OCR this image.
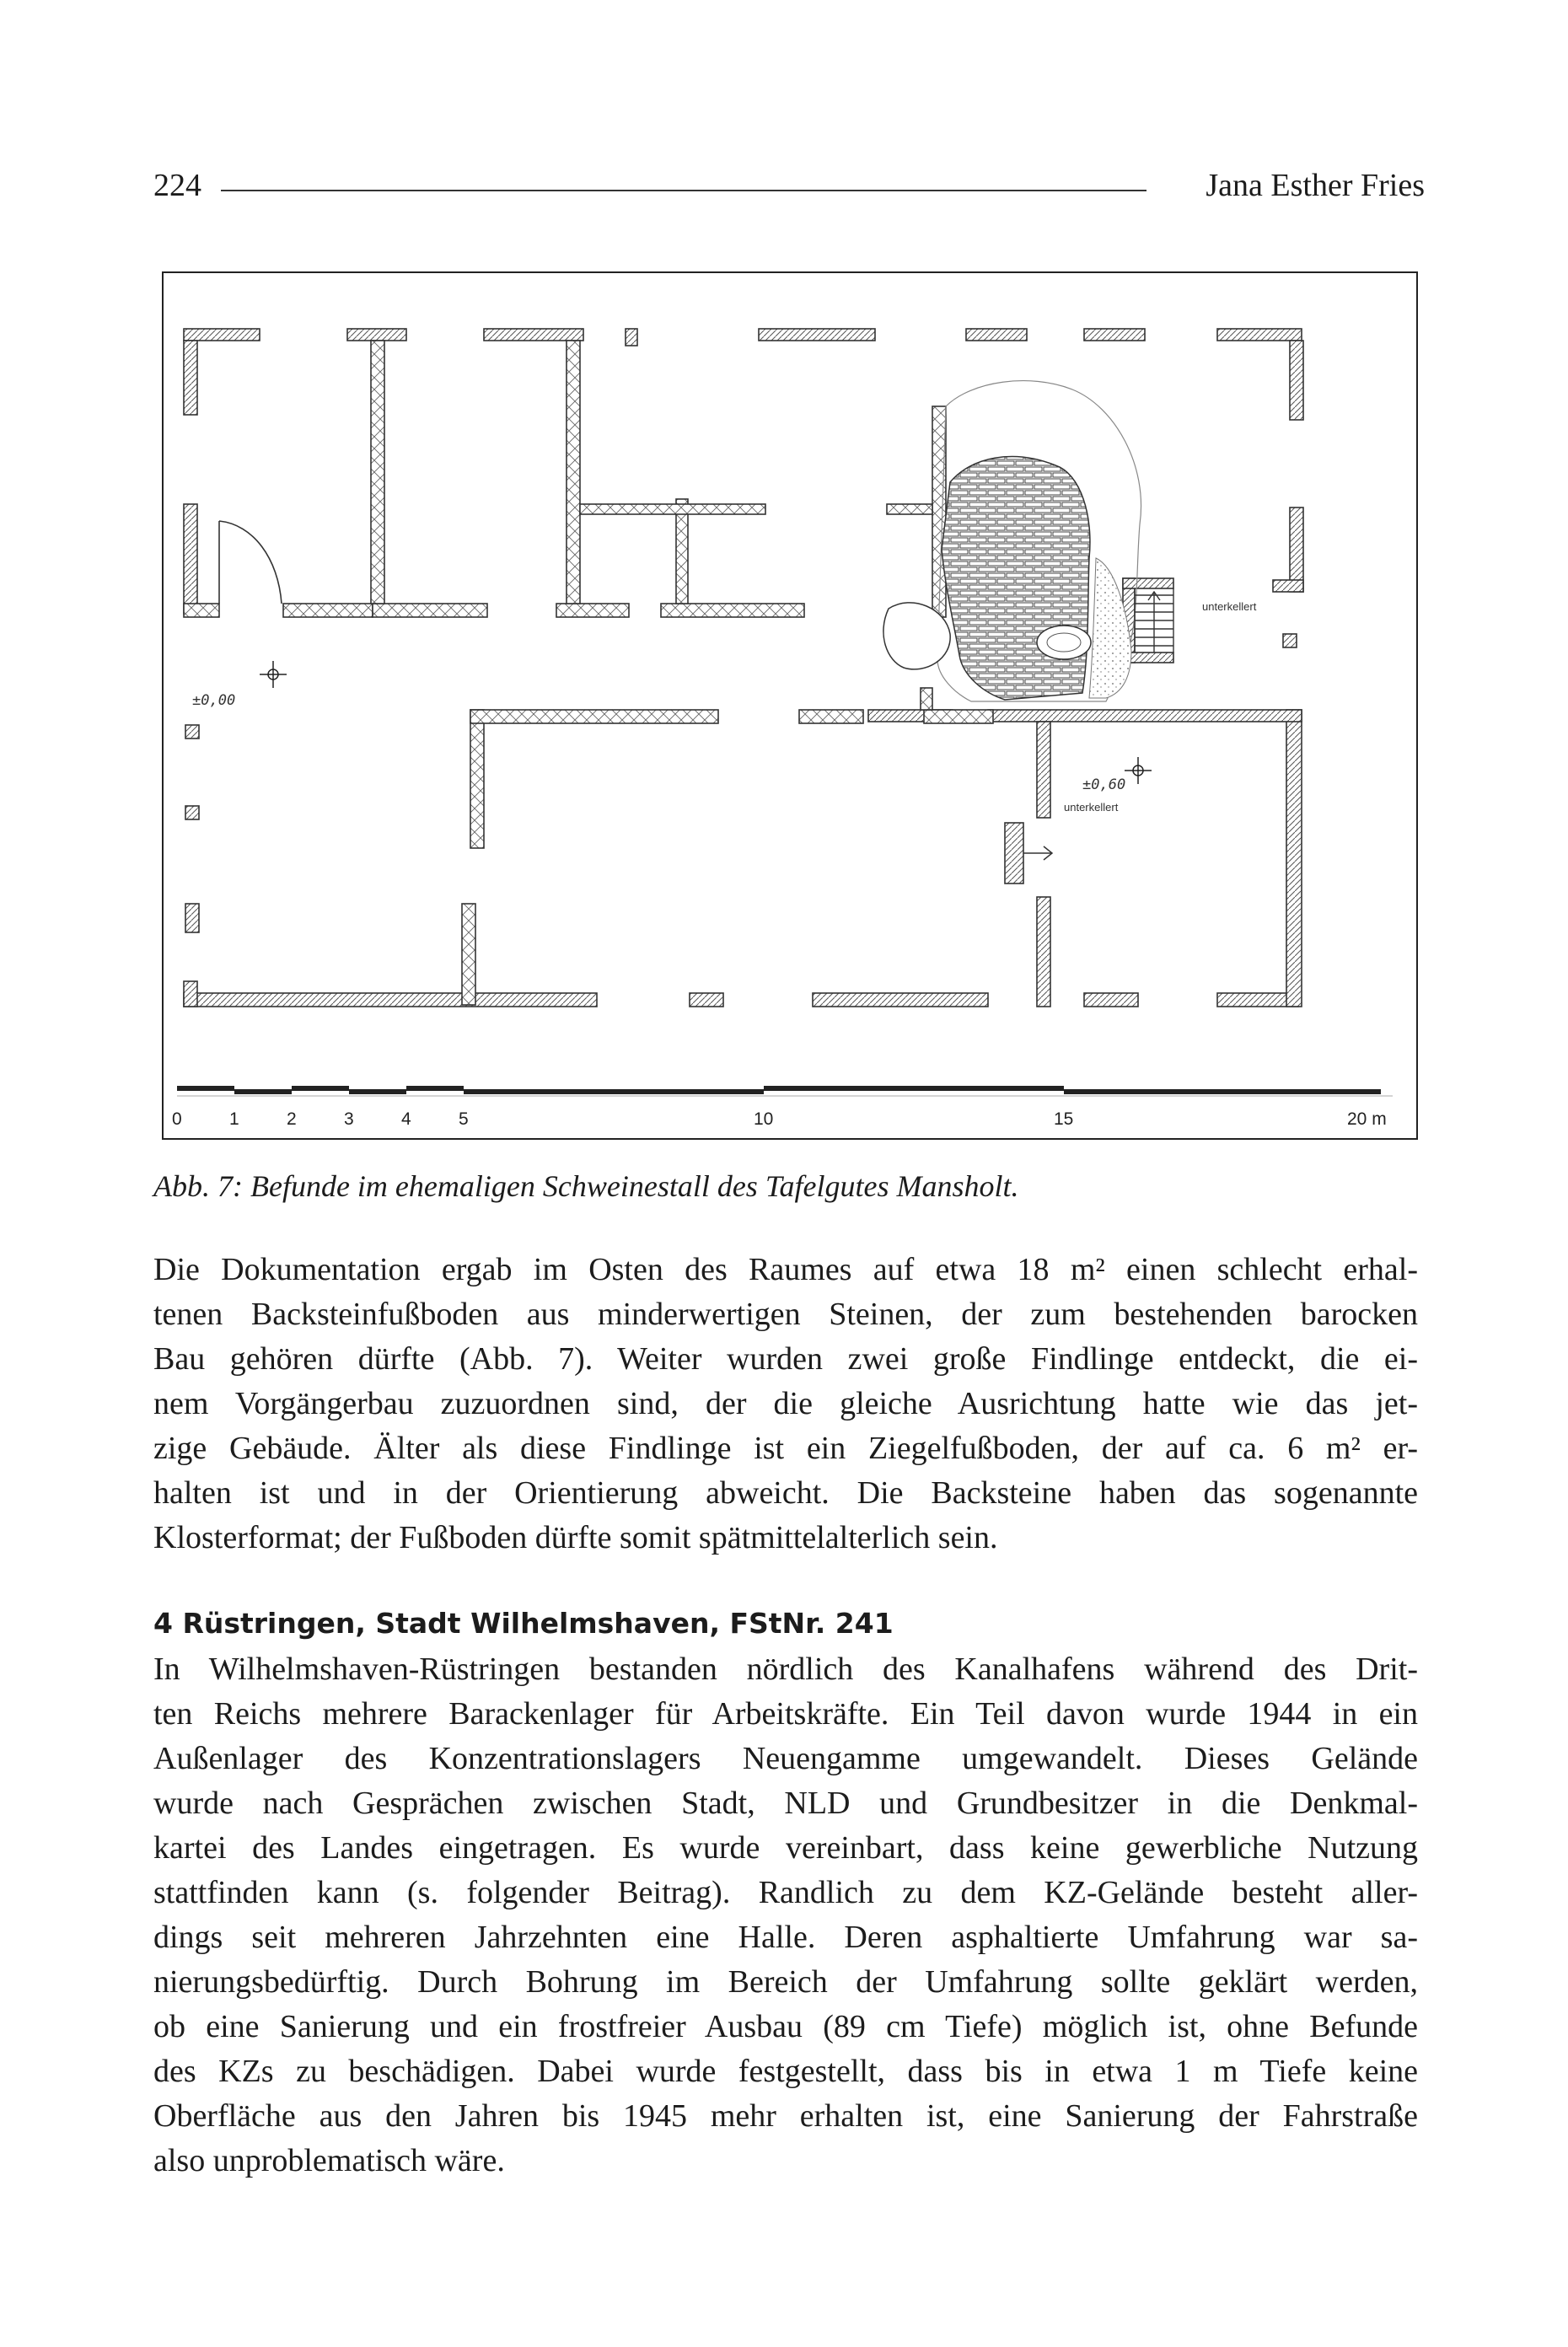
224	Jana Esther Fries
±0,00
±0,60
unterkellert
unterkellert
0	1	2	3	4	5	10	15	20 m
Abb. 7: Befunde im ehemaligen Schweinestall des Tafelgutes Mansholt.

Die Dokumentation ergab im Osten des Raumes auf etwa 18 m² einen schlecht erhal-
tenen Backsteinfußboden aus minderwertigen Steinen, der zum bestehenden barocken
Bau gehören dürfte (Abb. 7). Weiter wurden zwei große Findlinge entdeckt, die ei-
nem Vorgängerbau zuzuordnen sind, der die gleiche Ausrichtung hatte wie das jet-
zige Gebäude. Älter als diese Findlinge ist ein Ziegelfußboden, der auf ca. 6 m² er-
halten ist und in der Orientierung abweicht. Die Backsteine haben das sogenannte
Klosterformat; der Fußboden dürfte somit spätmittelalterlich sein.

4 Rüstringen, Stadt Wilhelmshaven, FStNr. 241

In Wilhelmshaven-Rüstringen bestanden nördlich des Kanalhafens während des Drit-
ten Reichs mehrere Barackenlager für Arbeitskräfte. Ein Teil davon wurde 1944 in ein
Außenlager des Konzentrationslagers Neuengamme umgewandelt. Dieses Gelände
wurde nach Gesprächen zwischen Stadt, NLD und Grundbesitzer in die Denkmal-
kartei des Landes eingetragen. Es wurde vereinbart, dass keine gewerbliche Nutzung
stattfinden kann (s. folgender Beitrag). Randlich zu dem KZ-Gelände besteht aller-
dings seit mehreren Jahrzehnten eine Halle. Deren asphaltierte Umfahrung war sa-
nierungsbedürftig. Durch Bohrung im Bereich der Umfahrung sollte geklärt werden,
ob eine Sanierung und ein frostfreier Ausbau (89 cm Tiefe) möglich ist, ohne Befunde
des KZs zu beschädigen. Dabei wurde festgestellt, dass bis in etwa 1 m Tiefe keine
Oberfläche aus den Jahren bis 1945 mehr erhalten ist, eine Sanierung der Fahrstraße
also unproblematisch wäre.
